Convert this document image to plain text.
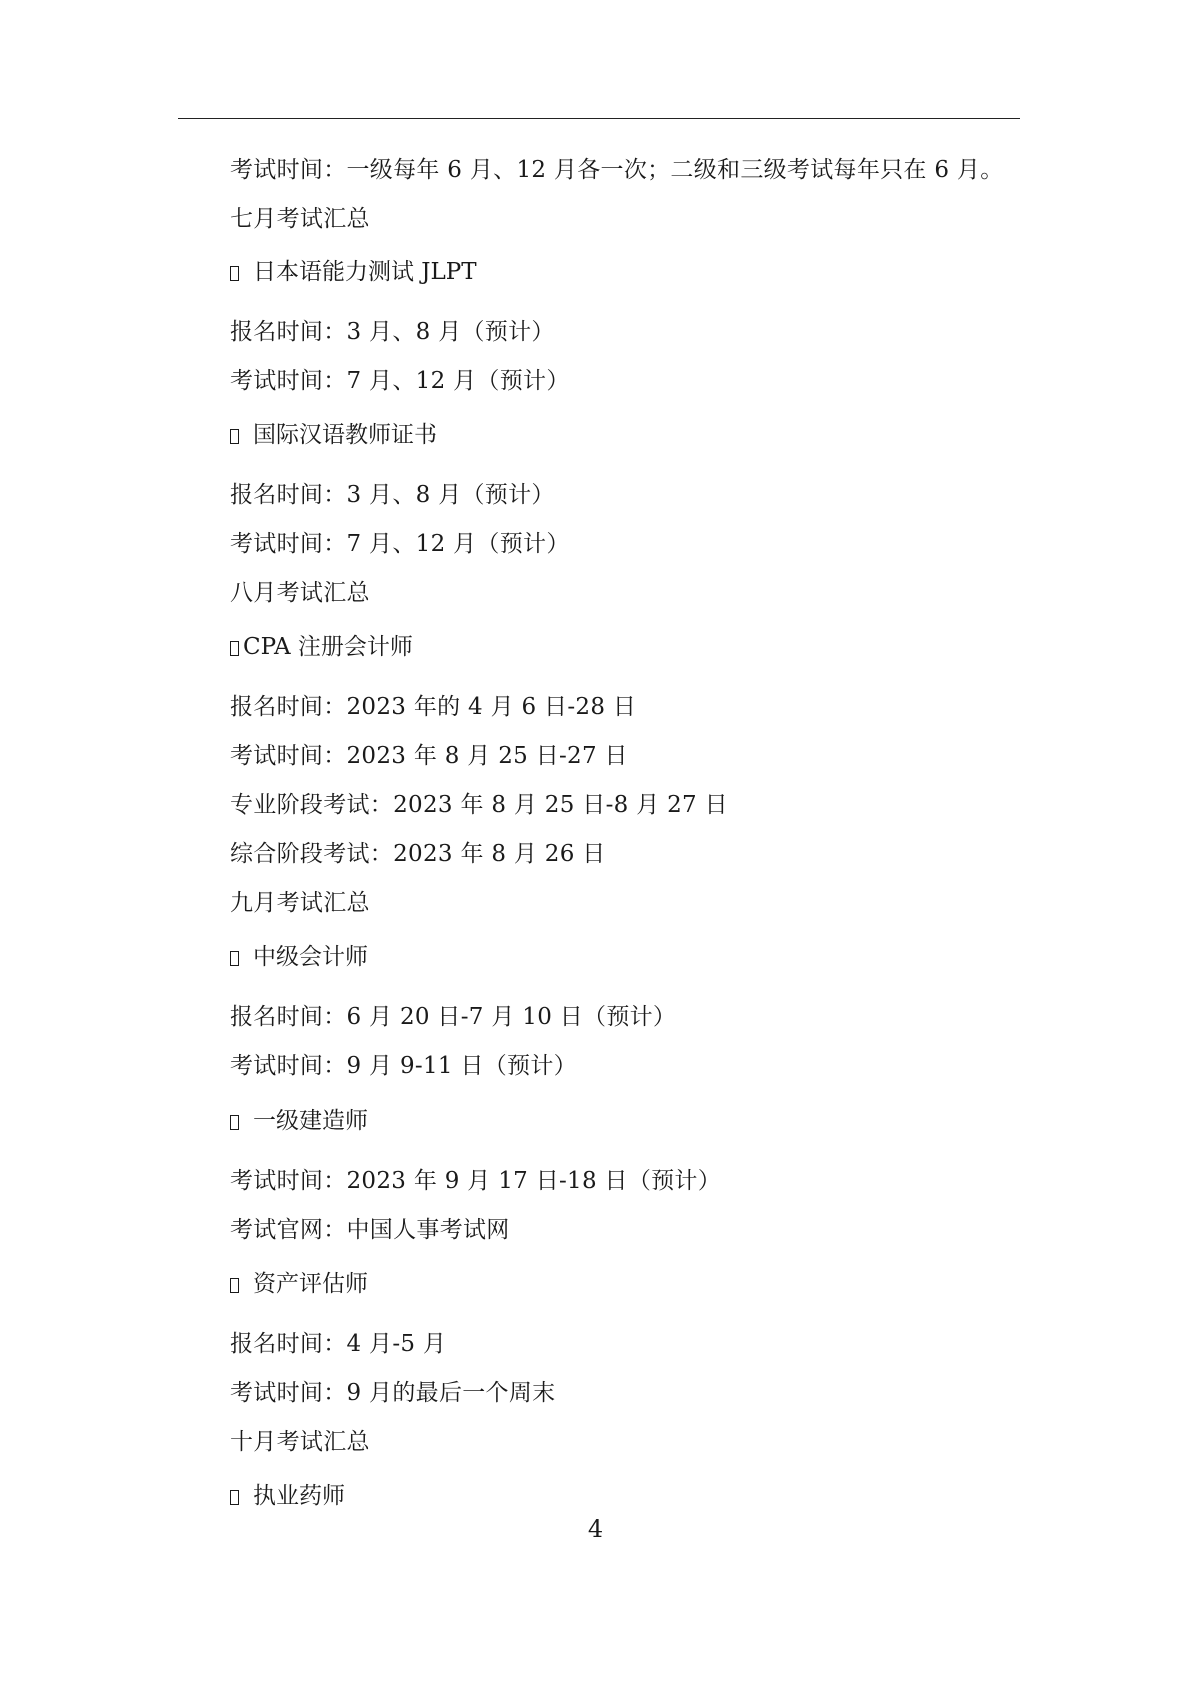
考试时间：一级每年 6 月、12 月各一次；二级和三级考试每年只在 6 月。
七月考试汇总
日本语能力测试 JLPT
报名时间：3 月、8 月（预计）
考试时间：7 月、12 月（预计）
国际汉语教师证书
报名时间：3 月、8 月（预计）
考试时间：7 月、12 月（预计）
八月考试汇总
CPA 注册会计师
报名时间：2023 年的 4 月 6 日-28 日
考试时间：2023 年 8 月 25 日-27 日
专业阶段考试：2023 年 8 月 25 日-8 月 27 日
综合阶段考试：2023 年 8 月 26 日
九月考试汇总
中级会计师
报名时间：6 月 20 日-7 月 10 日（预计）
考试时间：9 月 9-11 日（预计）
一级建造师
考试时间：2023 年 9 月 17 日-18 日（预计）
考试官网：中国人事考试网
资产评估师
报名时间：4 月-5 月
考试时间：9 月的最后一个周末
十月考试汇总
执业药师
4
